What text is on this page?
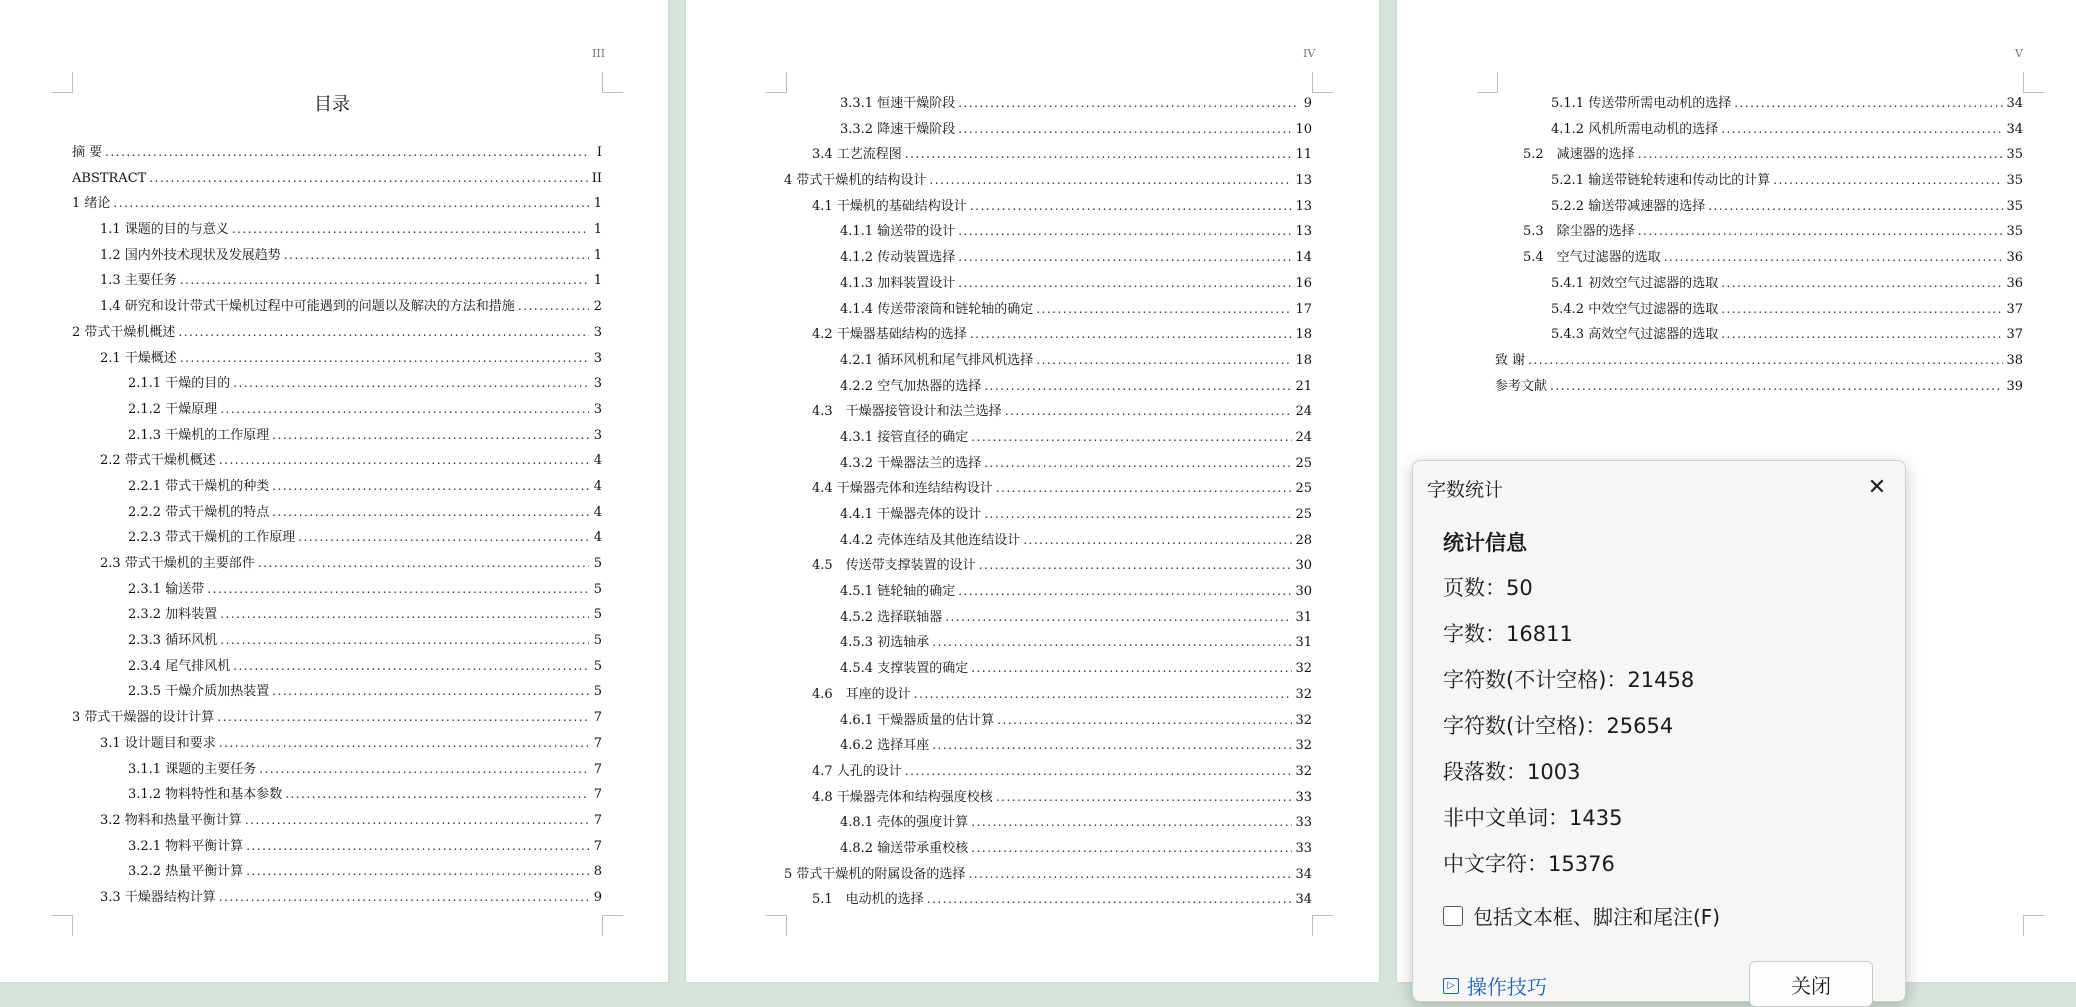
III
目录
摘 要 .....	I
ABSTRACT .....	II
1 绪论 .....	1
1.1 课题的目的与意义 .....	1
1.2 国内外技术现状及发展趋势 .....	1
1.3 主要任务 .....	1
1.4 研究和设计带式干燥机过程中可能遇到的问题以及解决的方法和措施 .....	2
2 带式干燥机概述 .....	3
2.1 干燥概述 .....	3
2.1.1 干燥的目的 .....	3
2.1.2 干燥原理 .....	3
2.1.3 干燥机的工作原理 .....	3
2.2 带式干燥机概述 .....	4
2.2.1 带式干燥机的种类 .....	4
2.2.2 带式干燥机的特点 .....	4
2.2.3 带式干燥机的工作原理 .....	4
2.3 带式干燥机的主要部件 .....	5
2.3.1 输送带 .....	5
2.3.2 加料装置 .....	5
2.3.3 循环风机 .....	5
2.3.4 尾气排风机 .....	5
2.3.5 干燥介质加热装置 .....	5
3 带式干燥器的设计计算 .....	7
3.1 设计题目和要求 .....	7
3.1.1 课题的主要任务 .....	7
3.1.2 物料特性和基本参数 .....	7
3.2 物料和热量平衡计算 .....	7
3.2.1 物料平衡计算 .....	7
3.2.2 热量平衡计算 .....	8
3.3 干燥器结构计算 .....	9
IV
3.3.1 恒速干燥阶段 .....	9
3.3.2 降速干燥阶段 .....	10
3.4 工艺流程图 .....	11
4 带式干燥机的结构设计 .....	13
4.1 干燥机的基础结构设计 .....	13
4.1.1 输送带的设计 .....	13
4.1.2 传动装置选择 .....	14
4.1.3 加料装置设计 .....	16
4.1.4 传送带滚筒和链轮轴的确定 .....	17
4.2 干燥器基础结构的选择 .....	18
4.2.1 循环风机和尾气排风机选择 .....	18
4.2.2 空气加热器的选择 .....	21
4.3　干燥器接管设计和法兰选择 .....	24
4.3.1 接管直径的确定 .....	24
4.3.2 干燥器法兰的选择 .....	25
4.4 干燥器壳体和连结结构设计 .....	25
4.4.1 干燥器壳体的设计 .....	25
4.4.2 壳体连结及其他连结设计 .....	28
4.5　传送带支撑装置的设计 .....	30
4.5.1 链轮轴的确定 .....	30
4.5.2 选择联轴器 .....	31
4.5.3 初选轴承 .....	31
4.5.4 支撑装置的确定 .....	32
4.6　耳座的设计 .....	32
4.6.1 干燥器质量的估计算 .....	32
4.6.2 选择耳座 .....	32
4.7 人孔的设计 .....	32
4.8 干燥器壳体和结构强度校核 .....	33
4.8.1 壳体的强度计算 .....	33
4.8.2 输送带承重校核 .....	33
5 带式干燥机的附属设备的选择 .....	34
5.1　电动机的选择 .....	34
V
5.1.1 传送带所需电动机的选择 .....	34
4.1.2 风机所需电动机的选择 .....	34
5.2　减速器的选择 .....	35
5.2.1 输送带链轮转速和传动比的计算 .....	35
5.2.2 输送带减速器的选择 .....	35
5.3　除尘器的选择 .....	35
5.4　空气过滤器的选取 .....	36
5.4.1 初效空气过滤器的选取 .....	36
5.4.2 中效空气过滤器的选取 .....	37
5.4.3 高效空气过滤器的选取 .....	37
致 谢 .....	38
参考文献 .....	39
字数统计	✕
统计信息
页数：50
字数：16811
字符数(不计空格)：21458
字符数(计空格)：25654
段落数：1003
非中文单词：1435
中文字符：15376
包括文本框、脚注和尾注(F)
▷ 操作技巧	关闭
